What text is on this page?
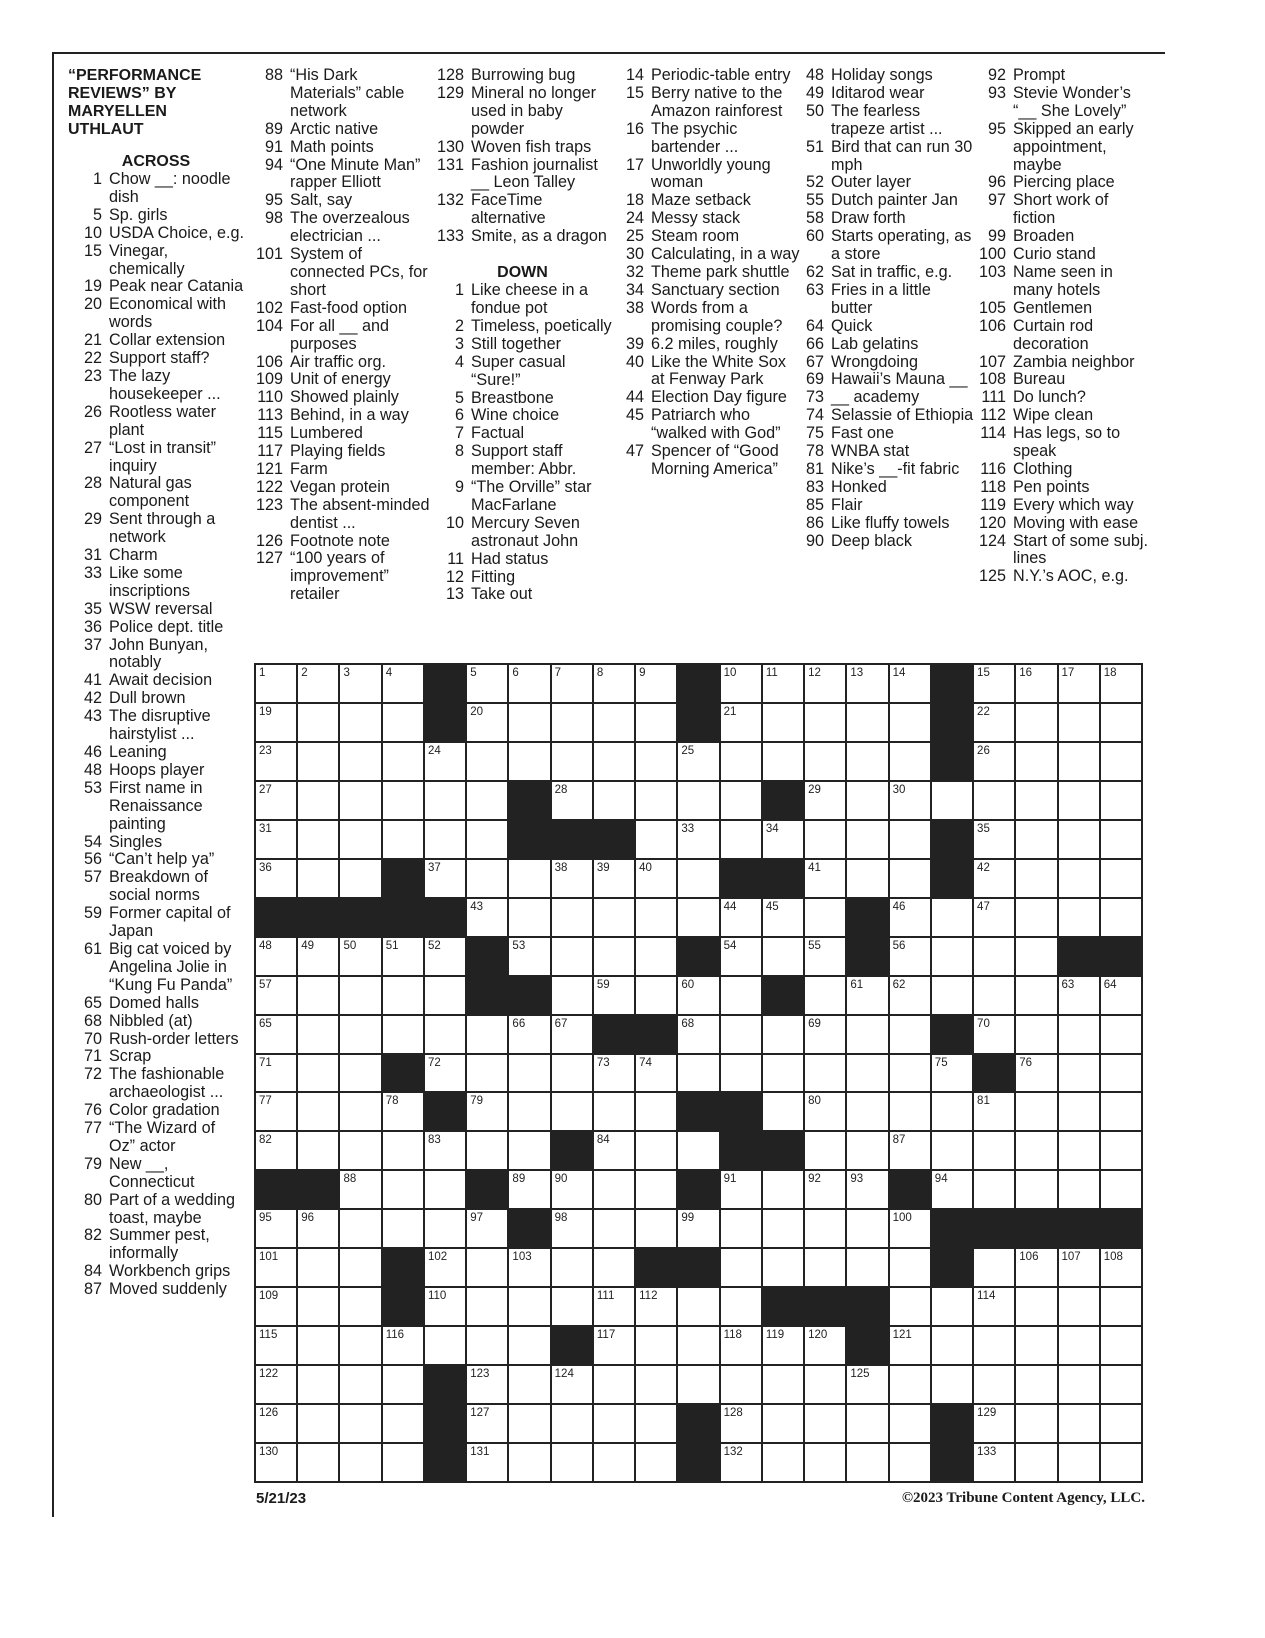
“PERFORMANCE REVIEWS” BY MARYELLEN UTHLAUT
ACROSS
1 Chow __: noodle dish
5 Sp. girls
10 USDA Choice, e.g.
15 Vinegar, chemically
19 Peak near Catania
20 Economical with words
21 Collar extension
22 Support staff?
23 The lazy housekeeper ...
26 Rootless water plant
27 “Lost in transit” inquiry
28 Natural gas component
29 Sent through a network
31 Charm
33 Like some inscriptions
35 WSW reversal
36 Police dept. title
37 John Bunyan, notably
41 Await decision
42 Dull brown
43 The disruptive hairstylist ...
46 Leaning
48 Hoops player
53 First name in Renaissance painting
54 Singles
56 “Can’t help ya”
57 Breakdown of social norms
59 Former capital of Japan
61 Big cat voiced by Angelina Jolie in “Kung Fu Panda”
65 Domed halls
68 Nibbled (at)
70 Rush-order letters
71 Scrap
72 The fashionable archaeologist ...
76 Color gradation
77 “The Wizard of Oz” actor
79 New __, Connecticut
80 Part of a wedding toast, maybe
82 Summer pest, informally
84 Workbench grips
87 Moved suddenly
88 “His Dark Materials” cable network
89 Arctic native
91 Math points
94 “One Minute Man” rapper Elliott
95 Salt, say
98 The overzealous electrician ...
101 System of connected PCs, for short
102 Fast-food option
104 For all __ and purposes
106 Air traffic org.
109 Unit of energy
110 Showed plainly
113 Behind, in a way
115 Lumbered
117 Playing fields
121 Farm
122 Vegan protein
123 The absent-minded dentist ...
126 Footnote note
127 “100 years of improvement” retailer
128 Burrowing bug
129 Mineral no longer used in baby powder
130 Woven fish traps
131 Fashion journalist __ Leon Talley
132 FaceTime alternative
133 Smite, as a dragon
DOWN
1 Like cheese in a fondue pot
2 Timeless, poetically
3 Still together
4 Super casual “Sure!”
5 Breastbone
6 Wine choice
7 Factual
8 Support staff member: Abbr.
9 “The Orville” star MacFarlane
10 Mercury Seven astronaut John
11 Had status
12 Fitting
13 Take out
14 Periodic-table entry
15 Berry native to the Amazon rainforest
16 The psychic bartender ...
17 Unworldly young woman
18 Maze setback
24 Messy stack
25 Steam room
30 Calculating, in a way
32 Theme park shuttle
34 Sanctuary section
38 Words from a promising couple?
39 6.2 miles, roughly
40 Like the White Sox at Fenway Park
44 Election Day figure
45 Patriarch who “walked with God”
47 Spencer of “Good Morning America”
48 Holiday songs
49 Iditarod wear
50 The fearless trapeze artist ...
51 Bird that can run 30 mph
52 Outer layer
55 Dutch painter Jan
58 Draw forth
60 Starts operating, as a store
62 Sat in traffic, e.g.
63 Fries in a little butter
64 Quick
66 Lab gelatins
67 Wrongdoing
69 Hawaii’s Mauna __
73 __ academy
74 Selassie of Ethiopia
75 Fast one
78 WNBA stat
81 Nike’s __-fit fabric
83 Honked
85 Flair
86 Like fluffy towels
90 Deep black
92 Prompt
93 Stevie Wonder’s “__ She Lovely”
95 Skipped an early appointment, maybe
96 Piercing place
97 Short work of fiction
99 Broaden
100 Curio stand
103 Name seen in many hotels
105 Gentlemen
106 Curtain rod decoration
107 Zambia neighbor
108 Bureau
111 Do lunch?
112 Wipe clean
114 Has legs, so to speak
116 Clothing
118 Pen points
119 Every which way
120 Moving with ease
124 Start of some subj. lines
125 N.Y.’s AOC, e.g.
1	2	3	4	5	6	7	8	9	10	11	12	13	14	15	16	17	18
19	20	21	22
23	24	25	26
27	28	29	30
31	33	34	35
36	37	38	39	40	41	42
43	44	45	46	47
48	49	50	51	52	53	54	55	56
57	59	60	61	62	63	64
65	66	67	68	69	70
71	72	73	74	75	76
77	78	79	80	81
82	83	84	87
88	89	90	91	92	93	94
95	96	97	98	99	100
101	102	103	106 107 108
109	110	111 112	114
115	116	117	118 119 120	121
122	123	124	125
126	127	128	129
130	131	132	133
5/21/23	©2023 Tribune Content Agency, LLC.
